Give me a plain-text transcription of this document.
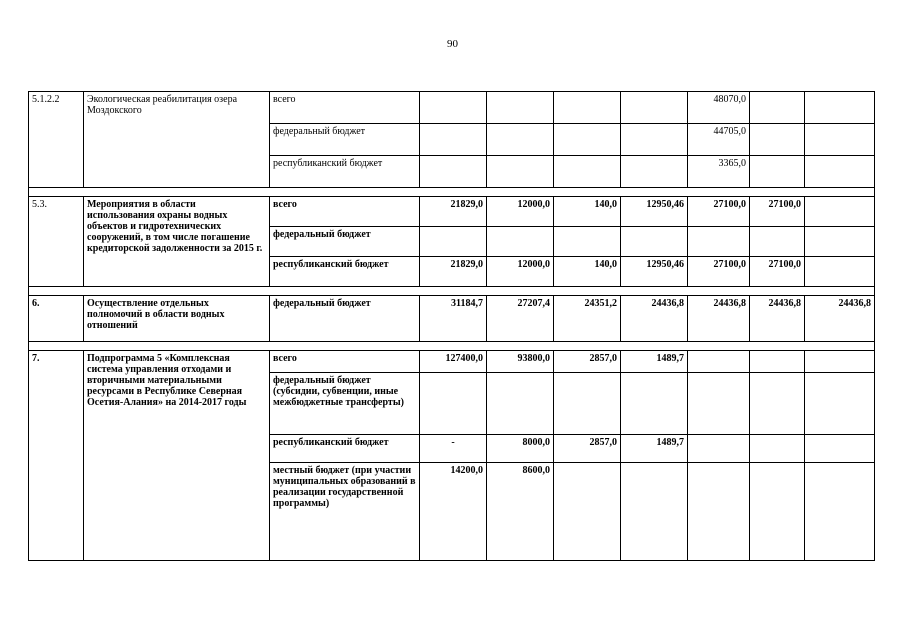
90
5.1.2.2	Экологическая реабилитация озера Моздокского	всего					48070,0		
		федеральный бюджет					44705,0		
		республиканский бюджет					3365,0		

5.3.	Мероприятия в области использования охраны водных объектов и гидротехнических сооружений, в том числе погашение кредиторской задолженности за 2015 г.	всего	21829,0	12000,0	140,0	12950,46	27100,0	27100,0	
		федеральный бюджет							
		республиканский бюджет	21829,0	12000,0	140,0	12950,46	27100,0	27100,0	

6.	Осуществление отдельных полномочий в области водных отношений	федеральный бюджет	31184,7	27207,4	24351,2	24436,8	24436,8	24436,8	24436,8

7.	Подпрограмма 5 «Комплексная система управления отходами и вторичными материальными ресурсами в Республике Северная Осетия-Алания» на 2014-2017 годы	всего	127400,0	93800,0	2857,0	1489,7			
		федеральный бюджет (субсидии, субвенции, иные межбюджетные трансферты)							
		республиканский бюджет	-	8000,0	2857,0	1489,7			
		местный бюджет (при участии муниципальных образований в реализации государственной программы)	14200,0	8600,0					
